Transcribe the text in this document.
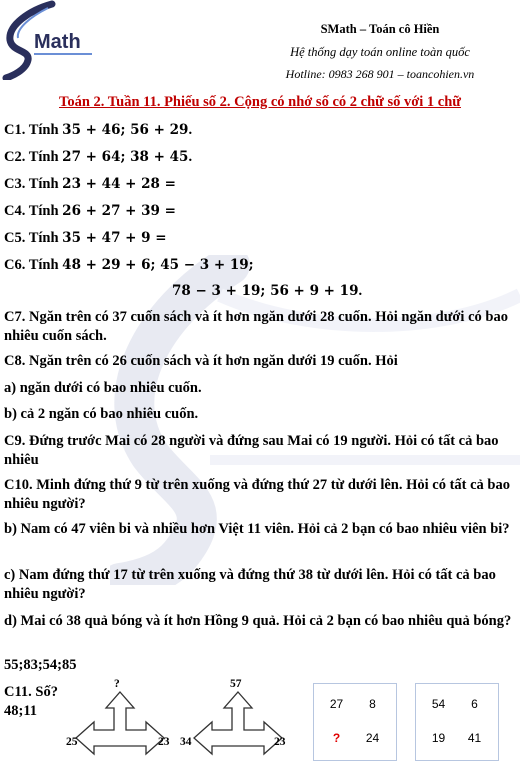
Math
SMath – Toán cô Hiền
Hệ thống dạy toán online toàn quốc
Hotline: 0983 268 901 – toancohien.vn
Toán 2. Tuần 11. Phiếu số 2. Cộng có nhớ số có 2 chữ số với 1 chữ
C1. Tính 35 + 46; 56 + 29.
C2. Tính 27 + 64; 38 + 45.
C3. Tính 23 + 44 + 28 =
C4. Tính 26 + 27 + 39 =
C5. Tính 35 + 47 + 9 =
C6. Tính 48 + 29 + 6; 45 − 3 + 19;
78 − 3 + 19; 56 + 9 + 19.
C7. Ngăn trên có 37 cuốn sách và ít hơn ngăn dưới 28 cuốn. Hỏi ngăn dưới có bao nhiêu cuốn sách.
C8. Ngăn trên có 26 cuốn sách và ít hơn ngăn dưới 19 cuốn. Hỏi
a) ngăn dưới có bao nhiêu cuốn.
b) cả 2 ngăn có bao nhiêu cuốn.
C9. Đứng trước Mai có 28 người và đứng sau Mai có 19 người. Hỏi có tất cả bao nhiêu
C10. Minh đứng thứ 9 từ trên xuống và đứng thứ 27 từ dưới lên. Hỏi có tất cả bao nhiêu người?
b) Nam có 47 viên bi và nhiều hơn Việt 11 viên. Hỏi cả 2 bạn có bao nhiêu viên bi?
c) Nam đứng thứ 17 từ trên xuống và đứng thứ 38 từ dưới lên. Hỏi có tất cả bao nhiêu người?
d) Mai có 38 quả bóng và ít hơn Hồng 9 quả. Hỏi cả 2 bạn có bao nhiêu quả bóng?
55;83;54;85
C11. Số?
48;11
?
25	23
57
34	23
27	8
?	24
54	6
19	41
